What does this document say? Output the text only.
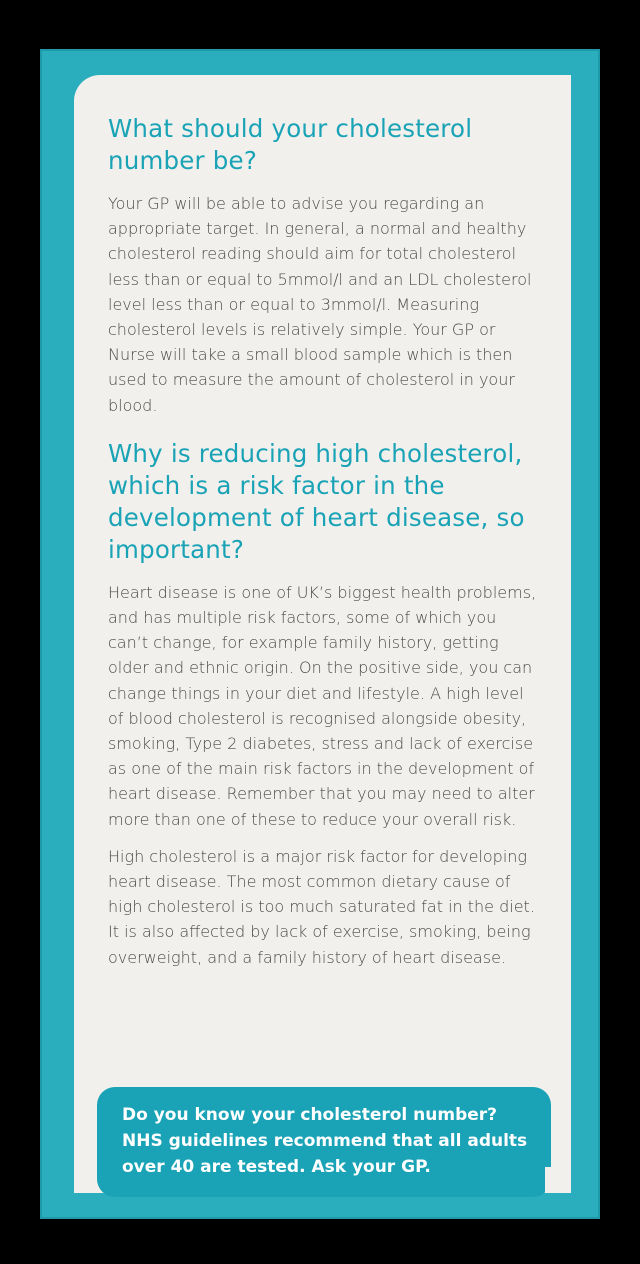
What should your cholesterol number be?

Your GP will be able to advise you regarding an appropriate target. In general, a normal and healthy cholesterol reading should aim for total cholesterol less than or equal to 5mmol/l and an LDL cholesterol level less than or equal to 3mmol/l. Measuring cholesterol levels is relatively simple. Your GP or Nurse will take a small blood sample which is then used to measure the amount of cholesterol in your blood.

Why is reducing high cholesterol, which is a risk factor in the development of heart disease, so important?

Heart disease is one of UK’s biggest health problems, and has multiple risk factors, some of which you can’t change, for example family history, getting older and ethnic origin. On the positive side, you can change things in your diet and lifestyle. A high level of blood cholesterol is recognised alongside obesity, smoking, Type 2 diabetes, stress and lack of exercise as one of the main risk factors in the development of heart disease. Remember that you may need to alter more than one of these to reduce your overall risk.

High cholesterol is a major risk factor for developing heart disease. The most common dietary cause of high cholesterol is too much saturated fat in the diet. It is also affected by lack of exercise, smoking, being overweight, and a family history of heart disease.

Do you know your cholesterol number? NHS guidelines recommend that all adults over 40 are tested. Ask your GP.
